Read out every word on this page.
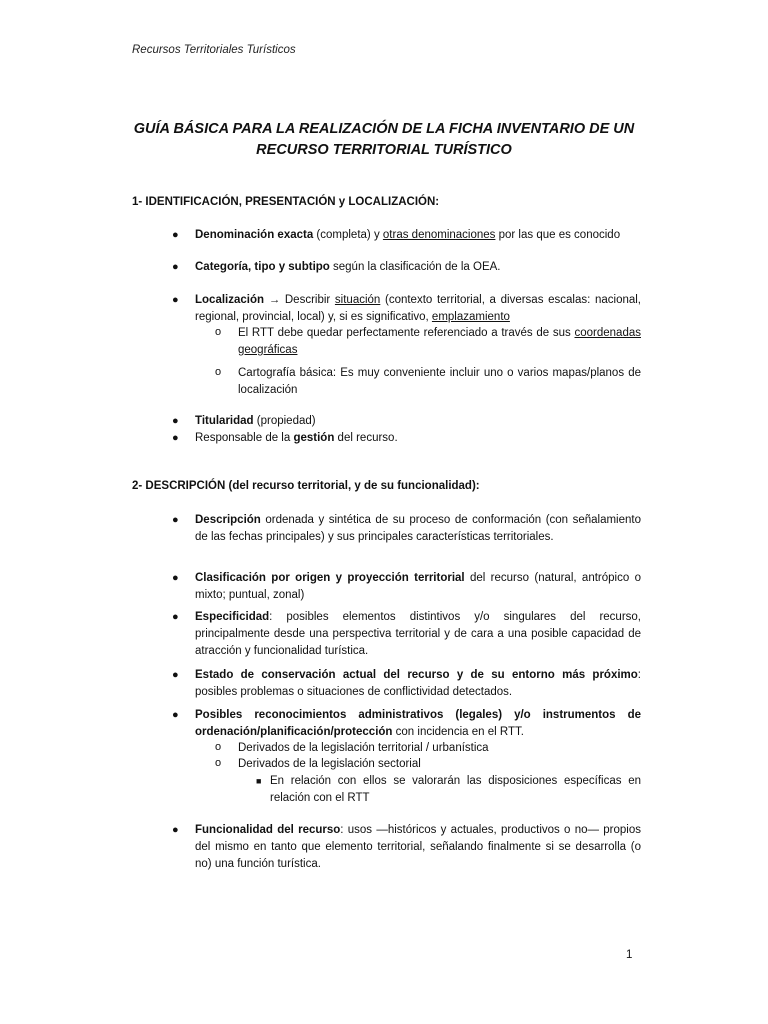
Recursos Territoriales Turísticos
GUÍA BÁSICA PARA LA REALIZACIÓN DE LA FICHA INVENTARIO DE UN
RECURSO TERRITORIAL TURÍSTICO
1- IDENTIFICACIÓN, PRESENTACIÓN y LOCALIZACIÓN:
● Denominación exacta (completa) y otras denominaciones por las que es conocido
● Categoría, tipo y subtipo según la clasificación de la OEA.
● Localización → Describir situación (contexto territorial, a diversas escalas: nacional, regional, provincial, local) y, si es significativo, emplazamiento
o El RTT debe quedar perfectamente referenciado a través de sus coordenadas geográficas
o Cartografía básica: Es muy conveniente incluir uno o varios mapas/planos de localización
● Titularidad (propiedad)
● Responsable de la gestión del recurso.
2- DESCRIPCIÓN (del recurso territorial, y de su funcionalidad):
● Descripción ordenada y sintética de su proceso de conformación (con señalamiento de las fechas principales) y sus principales características territoriales.
● Clasificación por origen y proyección territorial del recurso (natural, antrópico o mixto; puntual, zonal)
● Especificidad: posibles elementos distintivos y/o singulares del recurso, principalmente desde una perspectiva territorial y de cara a una posible capacidad de atracción y funcionalidad turística.
● Estado de conservación actual del recurso y de su entorno más próximo: posibles problemas o situaciones de conflictividad detectados.
● Posibles reconocimientos administrativos (legales) y/o instrumentos de ordenación/planificación/protección con incidencia en el RTT.
o Derivados de la legislación territorial / urbanística
o Derivados de la legislación sectorial
■ En relación con ellos se valorarán las disposiciones específicas en relación con el RTT
● Funcionalidad del recurso: usos —históricos y actuales, productivos o no— propios del mismo en tanto que elemento territorial, señalando finalmente si se desarrolla (o no) una función turística.
1
